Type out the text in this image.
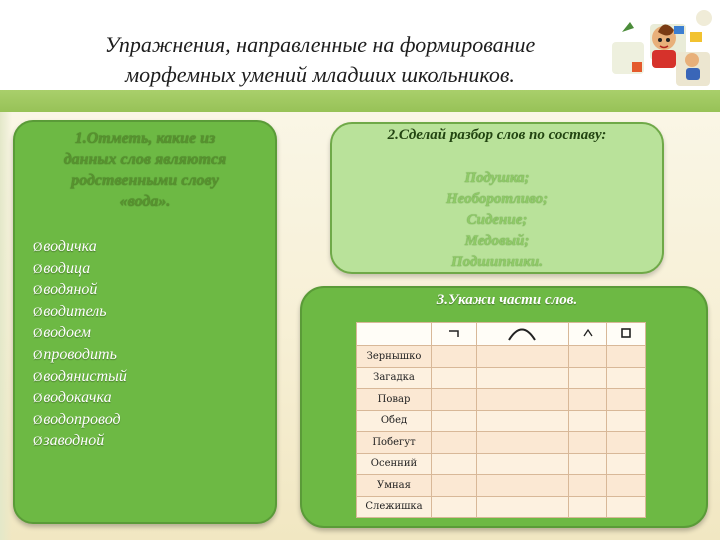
Упражнения, направленные на формирование
морфемных умений младших школьников.
1.Отметь, какие из
данных слов являются
родственными слову
«вода».
Øводичка
Øводица
Øводяной
Øводитель
Øводоем
Øпроводить
Øводянистый
Øводокачка
Øводопровод
Øзаводной
2.Сделай разбор слов по составу:
Подушка;
Необоротливо;
Сидение;
Медовый;
Подшипники.
3.Укажи части слов.

Зернышко				
Загадка				
Повар				
Обед				
Побегут				
Осенний				
Умная				
Слежишка				
